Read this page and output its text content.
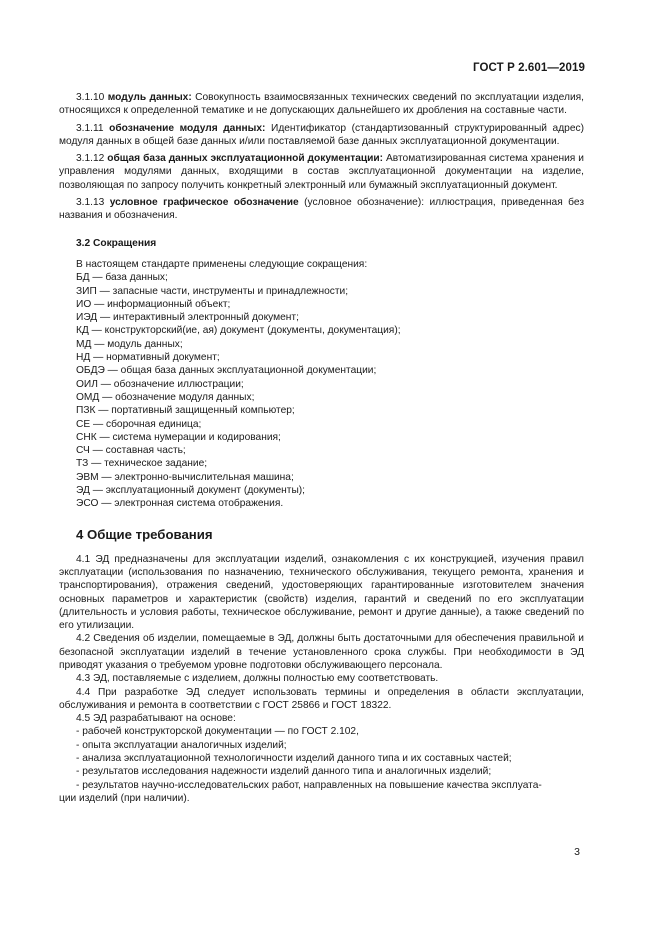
ГОСТ Р 2.601—2019

3.1.10 модуль данных: Совокупность взаимосвязанных технических сведений по эксплуатации изделия, относящихся к определенной тематике и не допускающих дальнейшего их дробления на составные части.

3.1.11 обозначение модуля данных: Идентификатор (стандартизованный структурированный адрес) модуля данных в общей базе данных и/или поставляемой базе данных эксплуатационной документации.

3.1.12 общая база данных эксплуатационной документации: Автоматизированная система хранения и управления модулями данных, входящими в состав эксплуатационной документации на изделие, позволяющая по запросу получить конкретный электронный или бумажный эксплуатационный документ.

3.1.13 условное графическое обозначение (условное обозначение): иллюстрация, приведенная без названия и обозначения.

3.2 Сокращения
В настоящем стандарте применены следующие сокращения:
БД — база данных;
ЗИП — запасные части, инструменты и принадлежности;
ИО — информационный объект;
ИЭД — интерактивный электронный документ;
КД — конструкторский(ие, ая) документ (документы, документация);
МД — модуль данных;
НД — нормативный документ;
ОБДЭ — общая база данных эксплуатационной документации;
ОИЛ — обозначение иллюстрации;
ОМД — обозначение модуля данных;
ПЗК — портативный защищенный компьютер;
СЕ — сборочная единица;
СНК — система нумерации и кодирования;
СЧ — составная часть;
ТЗ — техническое задание;
ЭВМ — электронно-вычислительная машина;
ЭД — эксплуатационный документ (документы);
ЭСО — электронная система отображения.
4 Общие требования

4.1 ЭД предназначены для эксплуатации изделий, ознакомления с их конструкцией, изучения правил эксплуатации (использования по назначению, технического обслуживания, текущего ремонта, хранения и транспортирования), отражения сведений, удостоверяющих гарантированные изготовителем значения основных параметров и характеристик (свойств) изделия, гарантий и сведений по его эксплуатации (длительность и условия работы, техническое обслуживание, ремонт и другие данные), а также сведений по его утилизации.

4.2 Сведения об изделии, помещаемые в ЭД, должны быть достаточными для обеспечения правильной и безопасной эксплуатации изделий в течение установленного срока службы. При необходимости в ЭД приводят указания о требуемом уровне подготовки обслуживающего персонала.

4.3 ЭД, поставляемые с изделием, должны полностью ему соответствовать.

4.4 При разработке ЭД следует использовать термины и определения в области эксплуатации, обслуживания и ремонта в соответствии с ГОСТ 25866 и ГОСТ 18322.

4.5 ЭД разрабатывают на основе:

- рабочей конструкторской документации — по ГОСТ 2.102,

- опыта эксплуатации аналогичных изделий;

- анализа эксплуатационной технологичности изделий данного типа и их составных частей;

- результатов исследования надежности изделий данного типа и аналогичных изделий;

- результатов научно-исследовательских работ, направленных на повышение качества эксплуата-

ции изделий (при наличии).

3
